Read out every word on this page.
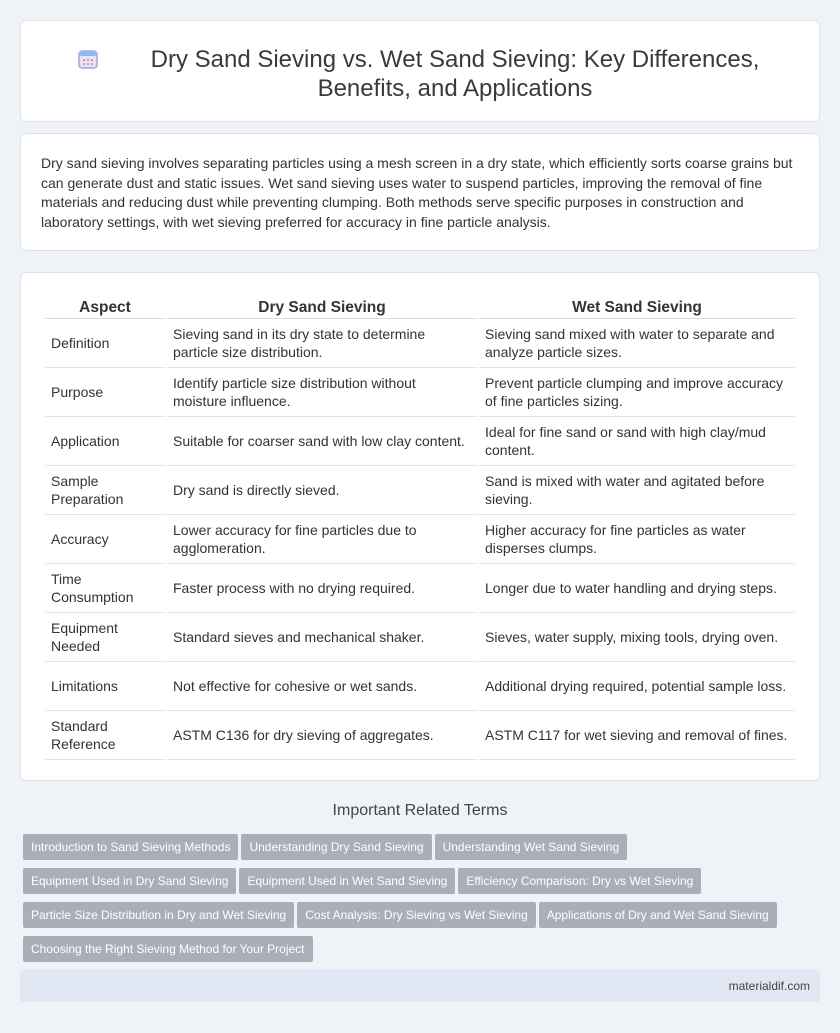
Dry Sand Sieving vs. Wet Sand Sieving: Key Differences, Benefits, and Applications

Dry sand sieving involves separating particles using a mesh screen in a dry state, which efficiently sorts coarse grains but can generate dust and static issues. Wet sand sieving uses water to suspend particles, improving the removal of fine materials and reducing dust while preventing clumping. Both methods serve specific purposes in construction and laboratory settings, with wet sieving preferred for accuracy in fine particle analysis.

Aspect	Dry Sand Sieving	Wet Sand Sieving
Definition	Sieving sand in its dry state to determine particle size distribution.	Sieving sand mixed with water to separate and analyze particle sizes.
Purpose	Identify particle size distribution without moisture influence.	Prevent particle clumping and improve accuracy of fine particles sizing.
Application	Suitable for coarser sand with low clay content.	Ideal for fine sand or sand with high clay/mud content.
Sample Preparation	Dry sand is directly sieved.	Sand is mixed with water and agitated before sieving.
Accuracy	Lower accuracy for fine particles due to agglomeration.	Higher accuracy for fine particles as water disperses clumps.
Time Consumption	Faster process with no drying required.	Longer due to water handling and drying steps.
Equipment Needed	Standard sieves and mechanical shaker.	Sieves, water supply, mixing tools, drying oven.
Limitations	Not effective for cohesive or wet sands.	Additional drying required, potential sample loss.
Standard Reference	ASTM C136 for dry sieving of aggregates.	ASTM C117 for wet sieving and removal of fines.
Important Related Terms
Introduction to Sand Sieving Methods Understanding Dry Sand Sieving Understanding Wet Sand Sieving
Equipment Used in Dry Sand Sieving Equipment Used in Wet Sand Sieving Efficiency Comparison: Dry vs Wet Sieving
Particle Size Distribution in Dry and Wet Sieving Cost Analysis: Dry Sieving vs Wet Sieving Applications of Dry and Wet Sand Sieving
Choosing the Right Sieving Method for Your Project
materialdif.com
